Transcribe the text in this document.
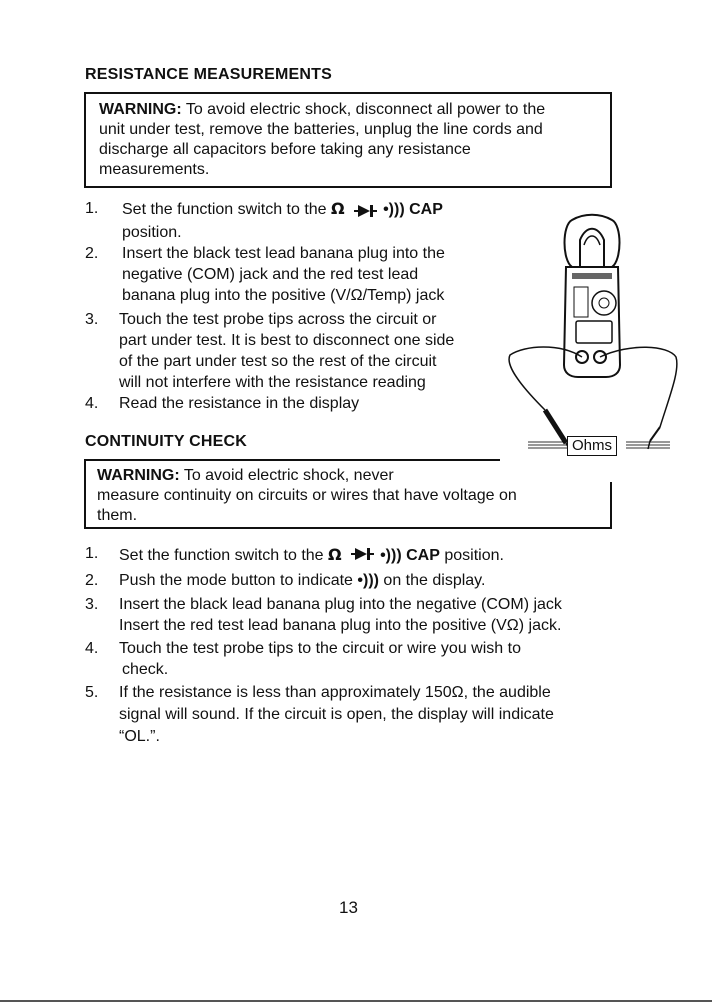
RESISTANCE MEASUREMENTS
WARNING: To avoid electric shock, disconnect all power to the
unit under test, remove the batteries, unplug the line cords and
discharge all capacitors before taking any resistance
measurements.
1. Set the function switch to the Ω •))) CAP
position.
2. Insert the black test lead banana plug into the
negative (COM) jack and the red test lead
banana plug into the positive (V/Ω/Temp) jack
3. Touch the test probe tips across the circuit or
part under test. It is best to disconnect one side
of the part under test so the rest of the circuit
will not interfere with the resistance reading
4. Read the resistance in the display
Ohms
CONTINUITY CHECK
WARNING: To avoid electric shock, never
measure continuity on circuits or wires that have voltage on
them.
1. Set the function switch to the Ω •))) CAP position.
2. Push the mode button to indicate •))) on the display.
3. Insert the black lead banana plug into the negative (COM) jack
Insert the red test lead banana plug into the positive (VΩ) jack.
4. Touch the test probe tips to the circuit or wire you wish to
check.
5. If the resistance is less than approximately 150Ω, the audible
signal will sound. If the circuit is open, the display will indicate
“OL.”.
13
